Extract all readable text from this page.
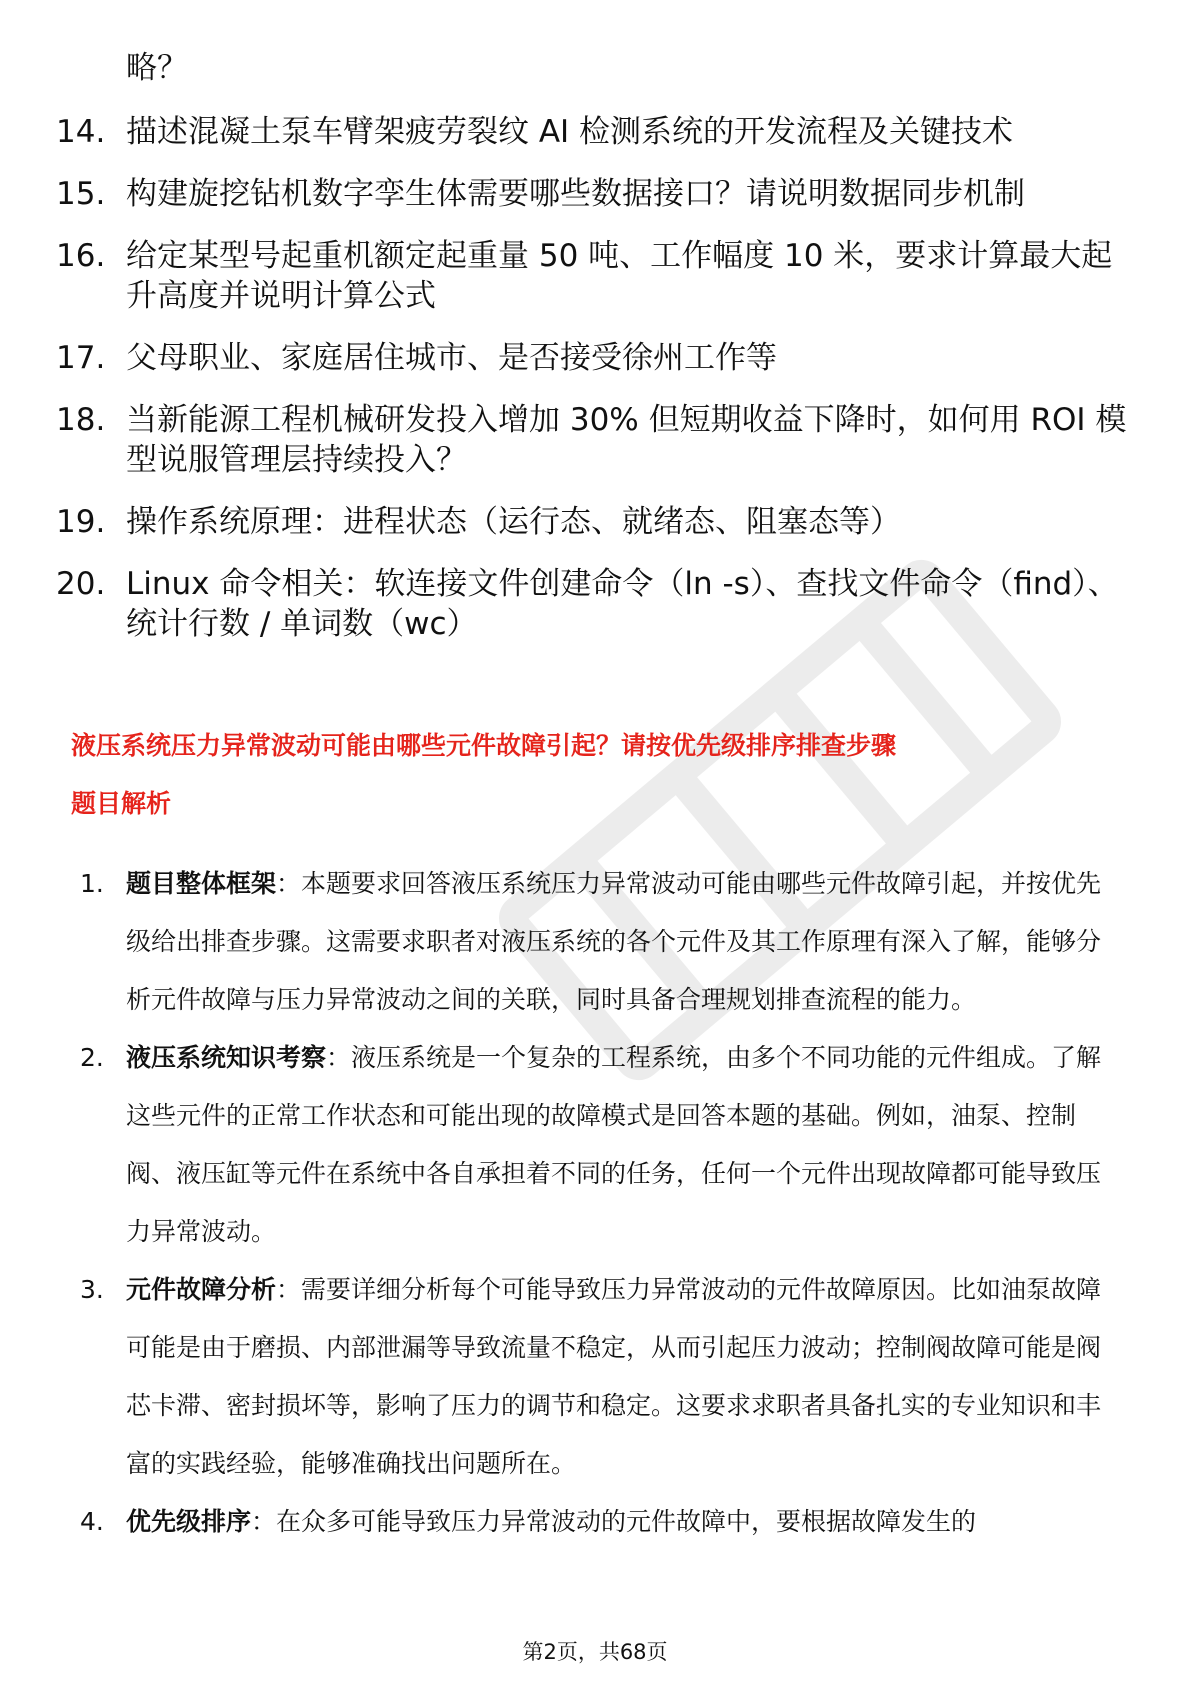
略？

14. 描述混凝土泵车臂架疲劳裂纹 AI 检测系统的开发流程及关键技术
15. 构建旋挖钻机数字孪生体需要哪些数据接口？请说明数据同步机制
16. 给定某型号起重机额定起重量 50 吨、工作幅度 10 米，要求计算最大起升高度并说明计算公式
17. 父母职业、家庭居住城市、是否接受徐州工作等
18. 当新能源工程机械研发投入增加 30% 但短期收益下降时，如何用 ROI 模型说服管理层持续投入？
19. 操作系统原理：进程状态（运行态、就绪态、阻塞态等）
20. Linux 命令相关：软连接文件创建命令（ln -s）、查找文件命令（find）、统计行数 / 单词数（wc）
液压系统压力异常波动可能由哪些元件故障引起？请按优先级排序排查步骤
题目解析
1. 题目整体框架：本题要求回答液压系统压力异常波动可能由哪些元件故障引起，并按优先级给出排查步骤。这需要求职者对液压系统的各个元件及其工作原理有深入了解，能够分析元件故障与压力异常波动之间的关联，同时具备合理规划排查流程的能力。
2. 液压系统知识考察：液压系统是一个复杂的工程系统，由多个不同功能的元件组成。了解这些元件的正常工作状态和可能出现的故障模式是回答本题的基础。例如，油泵、控制阀、液压缸等元件在系统中各自承担着不同的任务，任何一个元件出现故障都可能导致压力异常波动。
3. 元件故障分析：需要详细分析每个可能导致压力异常波动的元件故障原因。比如油泵故障可能是由于磨损、内部泄漏等导致流量不稳定，从而引起压力波动；控制阀故障可能是阀芯卡滞、密封损坏等，影响了压力的调节和稳定。这要求求职者具备扎实的专业知识和丰富的实践经验，能够准确找出问题所在。
4. 优先级排序：在众多可能导致压力异常波动的元件故障中，要根据故障发生的
第2页，共68页
